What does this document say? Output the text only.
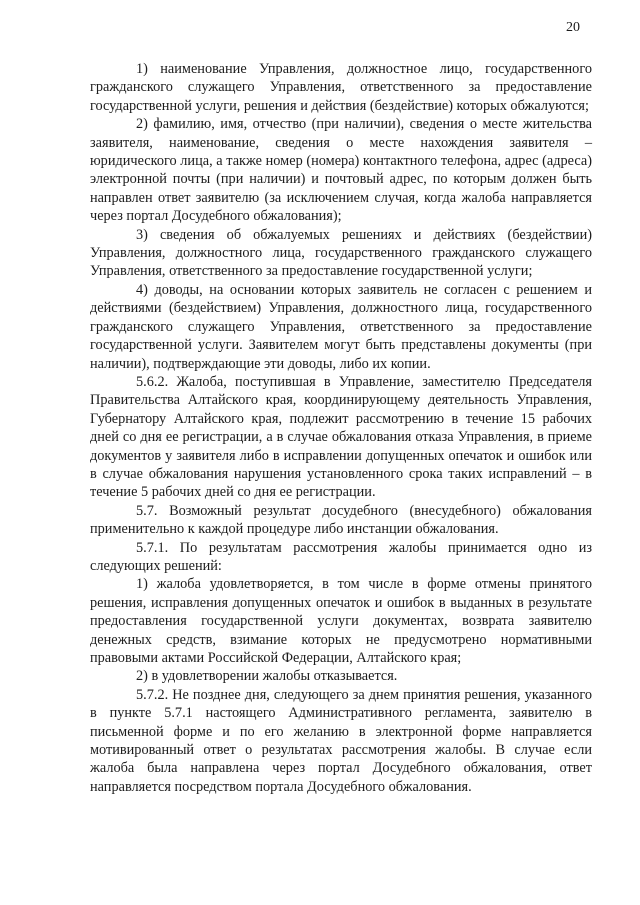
20

1) наименование Управления, должностное лицо, государственного гражданского служащего Управления, ответственного за предоставление государственной услуги, решения и действия (бездействие) которых обжалуются;

2) фамилию, имя, отчество (при наличии), сведения о месте жительства заявителя, наименование, сведения о месте нахождения заявителя – юридического лица, а также номер (номера) контактного телефона, адрес (адреса) электронной почты (при наличии) и почтовый адрес, по которым должен быть направлен ответ заявителю (за исключением случая, когда жалоба направляется через портал Досудебного обжалования);

3) сведения об обжалуемых решениях и действиях (бездействии) Управления, должностного лица, государственного гражданского служащего Управления, ответственного за предоставление государственной услуги;

4) доводы, на основании которых заявитель не согласен с решением и действиями (бездействием) Управления, должностного лица, государственного гражданского служащего Управления, ответственного за предоставление государственной услуги. Заявителем могут быть представлены документы (при наличии), подтверждающие эти доводы, либо их копии.

5.6.2. Жалоба, поступившая в Управление, заместителю Председателя Правительства Алтайского края, координирующему деятельность Управления, Губернатору Алтайского края, подлежит рассмотрению в течение 15 рабочих дней со дня ее регистрации, а в случае обжалования отказа Управления, в приеме документов у заявителя либо в исправлении допущенных опечаток и ошибок или в случае обжалования нарушения установленного срока таких исправлений – в течение 5 рабочих дней со дня ее регистрации.

5.7. Возможный результат досудебного (внесудебного) обжалования применительно к каждой процедуре либо инстанции обжалования.

5.7.1. По результатам рассмотрения жалобы принимается одно из следующих решений:

1) жалоба удовлетворяется, в том числе в форме отмены принятого решения, исправления допущенных опечаток и ошибок в выданных в результате предоставления государственной услуги документах, возврата заявителю денежных средств, взимание которых не предусмотрено нормативными правовыми актами Российской Федерации, Алтайского края;

2) в удовлетворении жалобы отказывается.

5.7.2. Не позднее дня, следующего за днем принятия решения, указанного в пункте 5.7.1 настоящего Административного регламента, заявителю в письменной форме и по его желанию в электронной форме направляется мотивированный ответ о результатах рассмотрения жалобы. В случае если жалоба была направлена через портал Досудебного обжалования, ответ направляется посредством портала Досудебного обжалования.
